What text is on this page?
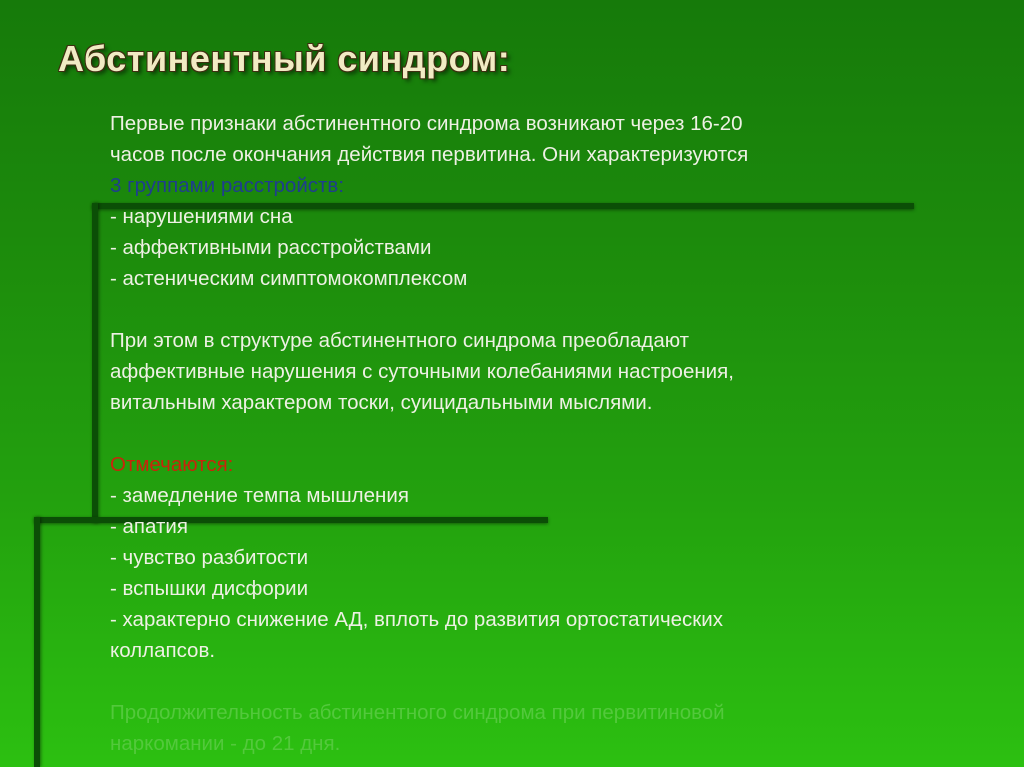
Абстинентный синдром:
Первые признаки абстинентного синдрома возникают через 16-20
часов после окончания действия первитина. Они характеризуются
3 группами расстройств:
- нарушениями сна
- аффективными расстройствами
- астеническим симптомокомплексом
При этом в структуре абстинентного синдрома преобладают
аффективные нарушения с суточными колебаниями настроения,
витальным характером тоски, суицидальными мыслями.
Отмечаются:
- замедление темпа мышления
- апатия
- чувство разбитости
- вспышки дисфории
- характерно снижение АД, вплоть до развития ортостатических
коллапсов.
Продолжительность абстинентного синдрома при первитиновой
наркомании - до 21 дня.
